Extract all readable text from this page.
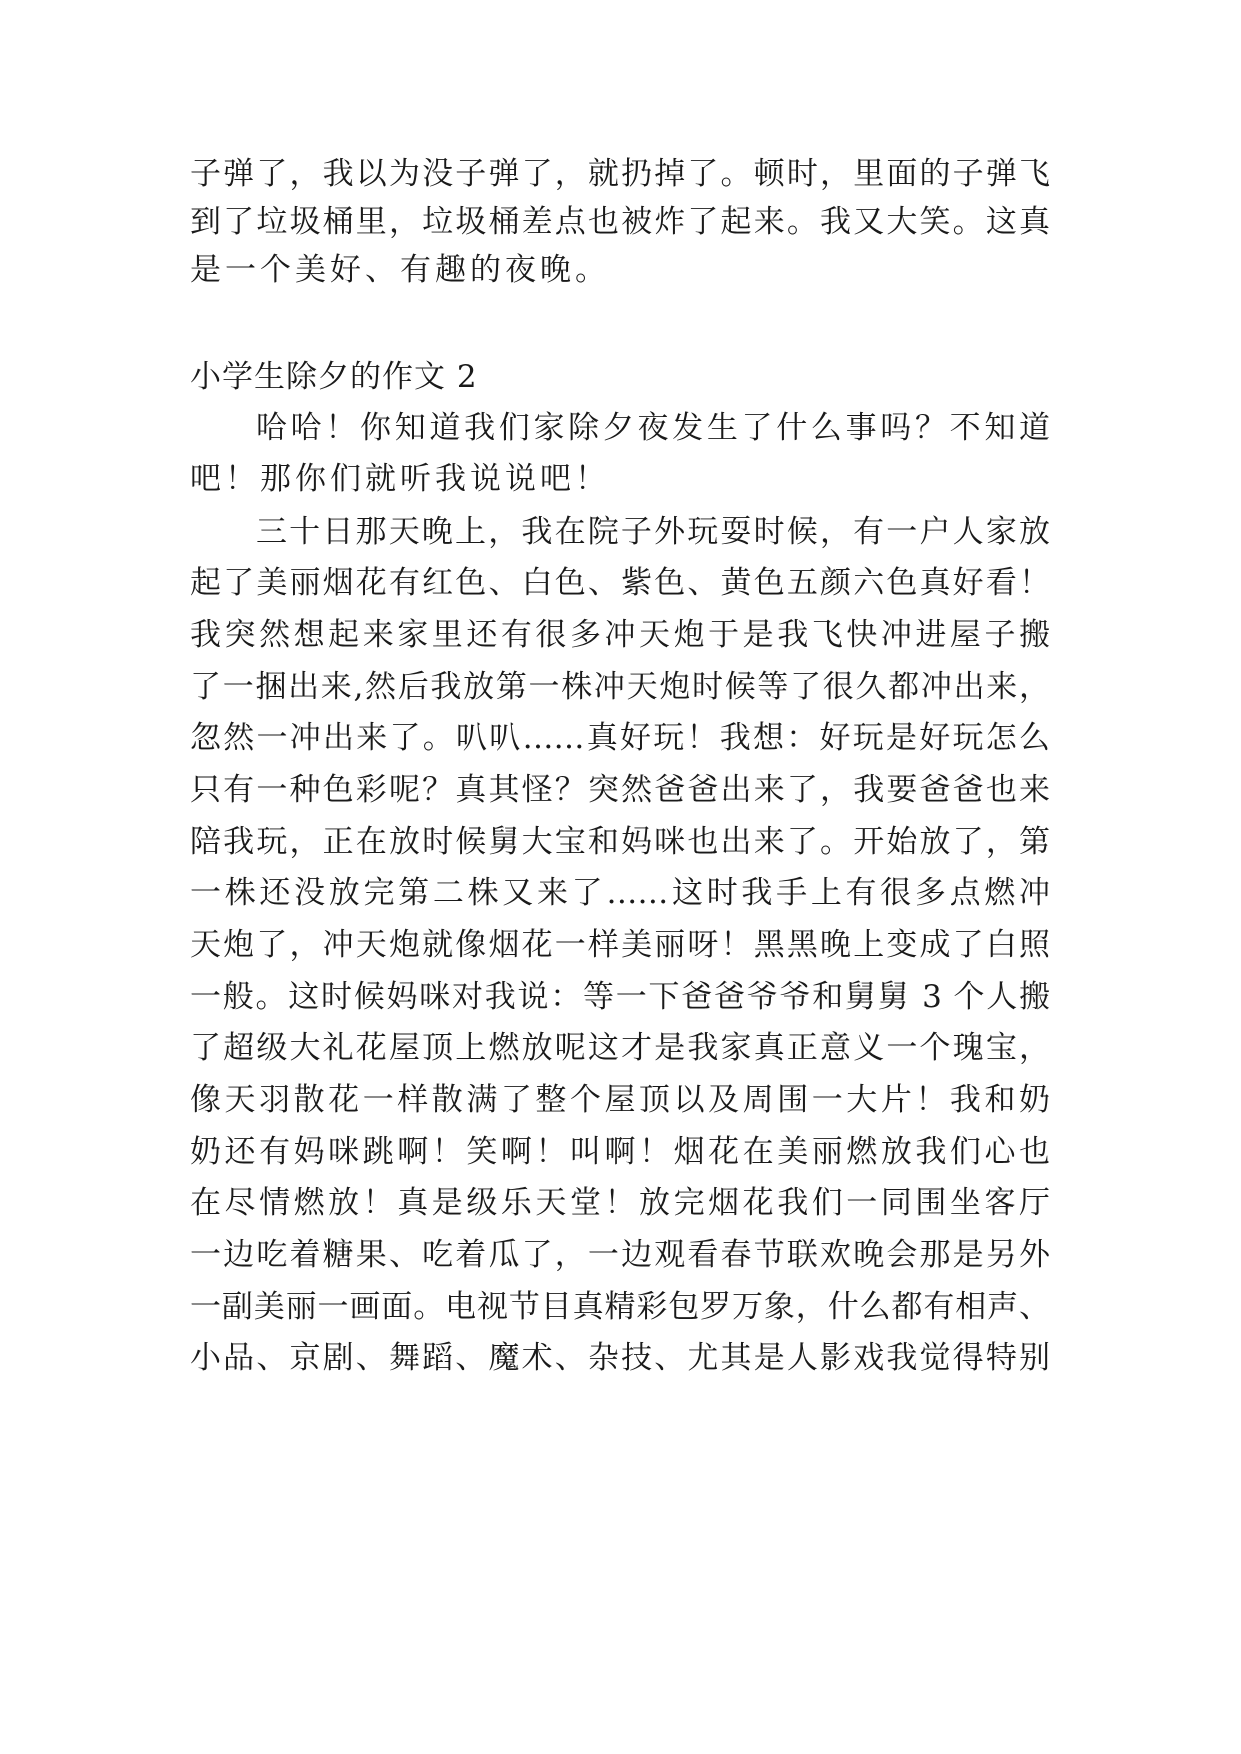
子弹了，我以为没子弹了，就扔掉了。顿时，里面的子弹飞
到了垃圾桶里，垃圾桶差点也被炸了起来。我又大笑。这真
是一个美好、有趣的夜晚。
小学生除夕的作文 2
哈哈！你知道我们家除夕夜发生了什么事吗？不知道
吧！那你们就听我说说吧！
三十日那天晚上，我在院子外玩耍时候，有一户人家放
起了美丽烟花有红色、白色、紫色、黄色五颜六色真好看！
我突然想起来家里还有很多冲天炮于是我飞快冲进屋子搬
了一捆出来,然后我放第一株冲天炮时候等了很久都冲出来，
忽然一冲出来了。叭叭……真好玩！我想：好玩是好玩怎么
只有一种色彩呢？真其怪？突然爸爸出来了，我要爸爸也来
陪我玩，正在放时候舅大宝和妈咪也出来了。开始放了，第
一株还没放完第二株又来了……这时我手上有很多点燃冲
天炮了，冲天炮就像烟花一样美丽呀！黑黑晚上变成了白照
一般。这时候妈咪对我说：等一下爸爸爷爷和舅舅 3 个人搬
了超级大礼花屋顶上燃放呢这才是我家真正意义一个瑰宝，
像天羽散花一样散满了整个屋顶以及周围一大片！我和奶
奶还有妈咪跳啊！笑啊！叫啊！烟花在美丽燃放我们心也
在尽情燃放！真是级乐天堂！放完烟花我们一同围坐客厅
一边吃着糖果、吃着瓜了，一边观看春节联欢晚会那是另外
一副美丽一画面。电视节目真精彩包罗万象，什么都有相声、
小品、京剧、舞蹈、魔术、杂技、尤其是人影戏我觉得特别
